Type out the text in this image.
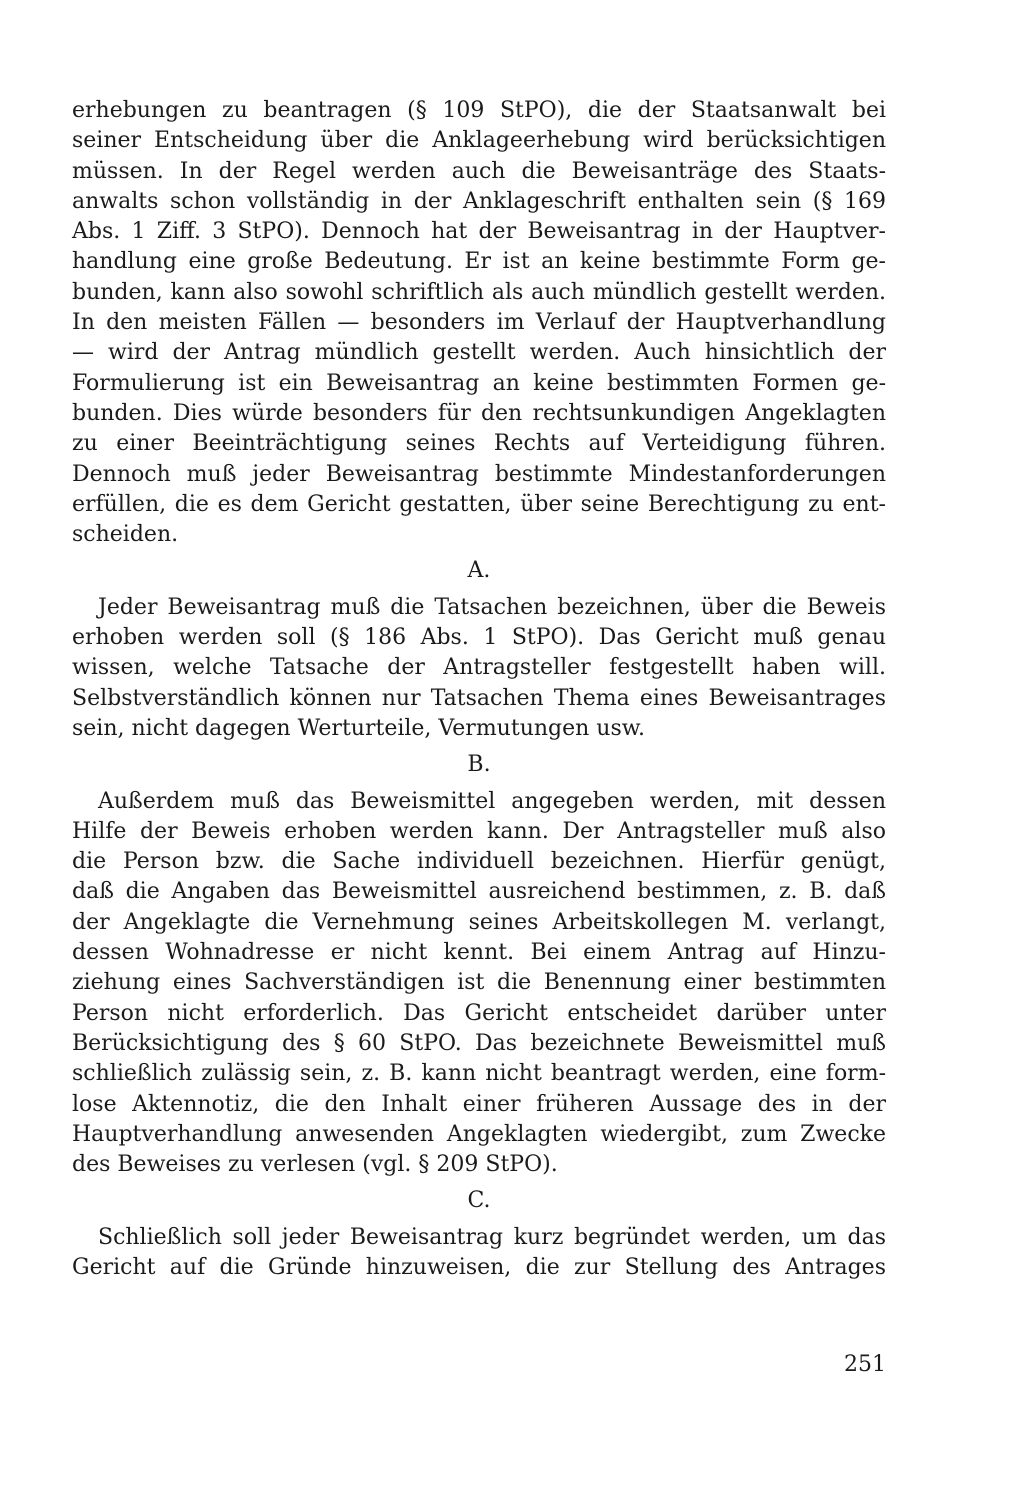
erhebungen zu beantragen (§ 109 StPO), die der Staatsanwalt bei
seiner Entscheidung über die Anklageerhebung wird berücksichtigen
müssen. In der Regel werden auch die Beweisanträge des Staats-
anwalts schon vollständig in der Anklageschrift enthalten sein (§ 169
Abs. 1 Ziff. 3 StPO). Dennoch hat der Beweisantrag in der Hauptver-
handlung eine große Bedeutung. Er ist an keine bestimmte Form ge-
bunden, kann also sowohl schriftlich als auch mündlich gestellt werden.
In den meisten Fällen — besonders im Verlauf der Hauptverhandlung
— wird der Antrag mündlich gestellt werden. Auch hinsichtlich der
Formulierung ist ein Beweisantrag an keine bestimmten Formen ge-
bunden. Dies würde besonders für den rechtsunkundigen Angeklagten
zu einer Beeinträchtigung seines Rechts auf Verteidigung führen.
Dennoch muß jeder Beweisantrag bestimmte Mindestanforderungen
erfüllen, die es dem Gericht gestatten, über seine Berechtigung zu ent-
scheiden.
A.
Jeder Beweisantrag muß die Tatsachen bezeichnen, über die Beweis
erhoben werden soll (§ 186 Abs. 1 StPO). Das Gericht muß genau
wissen, welche Tatsache der Antragsteller festgestellt haben will.
Selbstverständlich können nur Tatsachen Thema eines Beweisantrages
sein, nicht dagegen Werturteile, Vermutungen usw.
B.
Außerdem muß das Beweismittel angegeben werden, mit dessen
Hilfe der Beweis erhoben werden kann. Der Antragsteller muß also
die Person bzw. die Sache individuell bezeichnen. Hierfür genügt,
daß die Angaben das Beweismittel ausreichend bestimmen, z. B. daß
der Angeklagte die Vernehmung seines Arbeitskollegen M. verlangt,
dessen Wohnadresse er nicht kennt. Bei einem Antrag auf Hinzu-
ziehung eines Sachverständigen ist die Benennung einer bestimmten
Person nicht erforderlich. Das Gericht entscheidet darüber unter
Berücksichtigung des § 60 StPO. Das bezeichnete Beweismittel muß
schließlich zulässig sein, z. B. kann nicht beantragt werden, eine form-
lose Aktennotiz, die den Inhalt einer früheren Aussage des in der
Hauptverhandlung anwesenden Angeklagten wiedergibt, zum Zwecke
des Beweises zu verlesen (vgl. § 209 StPO).
C.
Schließlich soll jeder Beweisantrag kurz begründet werden, um das
Gericht auf die Gründe hinzuweisen, die zur Stellung des Antrages
251
